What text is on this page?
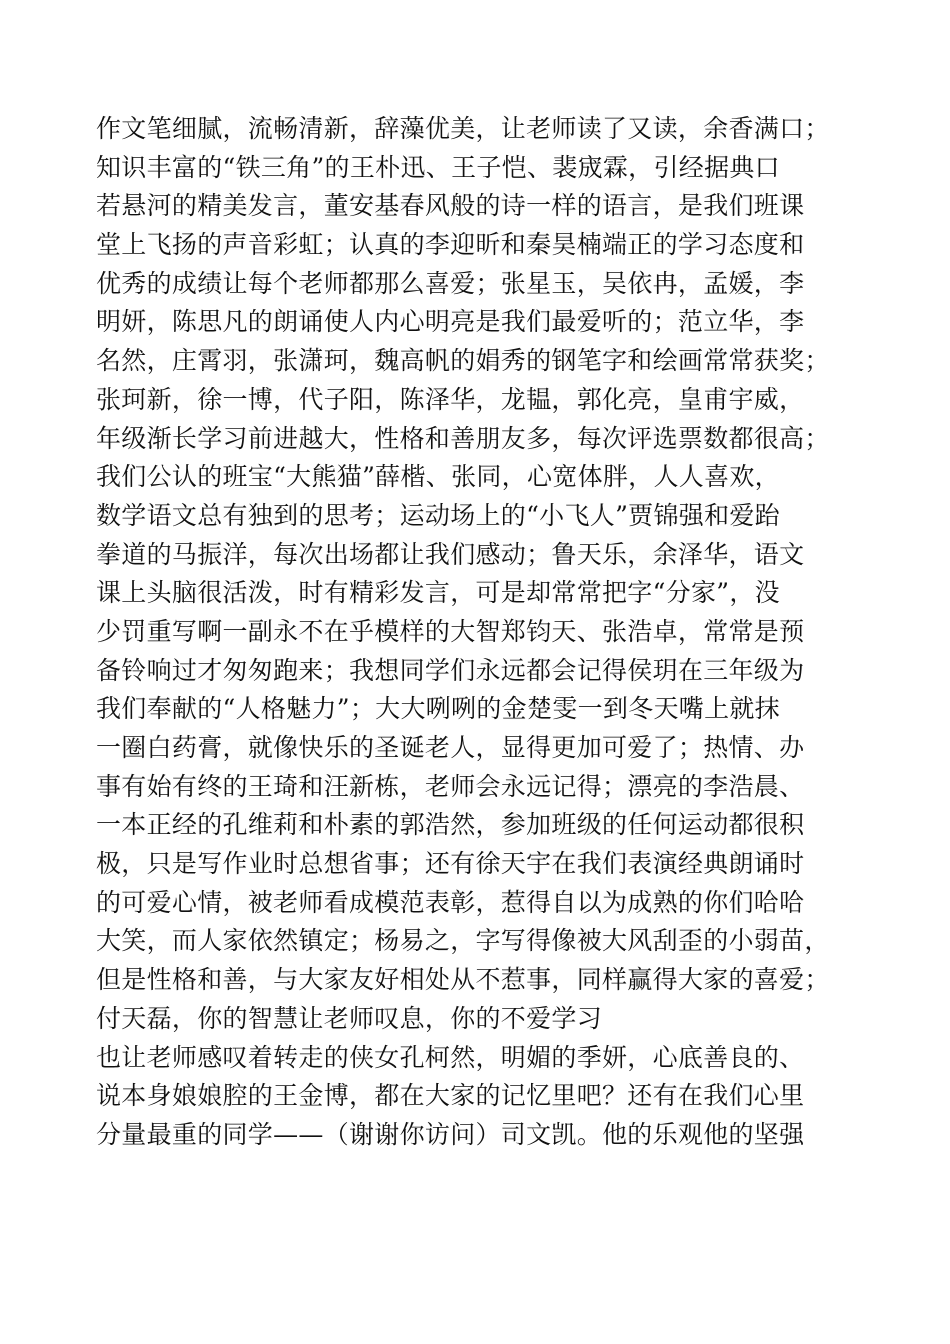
作文笔细腻，流畅清新，辞藻优美，让老师读了又读，余香满口；
知识丰富的“铁三角”的王朴迅、王子恺、裴宬霖，引经据典口
若悬河的精美发言，董安基春风般的诗一样的语言，是我们班课
堂上飞扬的声音彩虹；认真的李迎昕和秦昊楠端正的学习态度和
优秀的成绩让每个老师都那么喜爱；张星玉，吴依冉，孟媛，李
明妍，陈思凡的朗诵使人内心明亮是我们最爱听的；范立华，李
名然，庄霄羽，张潇珂，魏高帆的娟秀的钢笔字和绘画常常获奖；
张珂新，徐一博，代子阳，陈泽华，龙韫，郭化亮，皇甫宇威，
年级渐长学习前进越大，性格和善朋友多，每次评选票数都很高；
我们公认的班宝“大熊猫”薛楷、张同，心宽体胖，人人喜欢，
数学语文总有独到的思考；运动场上的“小飞人”贾锦强和爱跆
拳道的马振洋，每次出场都让我们感动；鲁天乐，余泽华，语文
课上头脑很活泼，时有精彩发言，可是却常常把字“分家”，没
少罚重写啊一副永不在乎模样的大智郑钧天、张浩卓，常常是预
备铃响过才匆匆跑来；我想同学们永远都会记得侯玥在三年级为
我们奉献的“人格魅力”；大大咧咧的金楚雯一到冬天嘴上就抹
一圈白药膏，就像快乐的圣诞老人，显得更加可爱了；热情、办
事有始有终的王琦和汪新栋，老师会永远记得；漂亮的李浩晨、
一本正经的孔维莉和朴素的郭浩然，参加班级的任何运动都很积
极，只是写作业时总想省事；还有徐天宇在我们表演经典朗诵时
的可爱心情，被老师看成模范表彰，惹得自以为成熟的你们哈哈
大笑，而人家依然镇定；杨易之，字写得像被大风刮歪的小弱苗，
但是性格和善，与大家友好相处从不惹事，同样赢得大家的喜爱；
付天磊，你的智慧让老师叹息，你的不爱学习
也让老师感叹着转走的侠女孔柯然，明媚的季妍，心底善良的、
说本身娘娘腔的王金博，都在大家的记忆里吧？还有在我们心里
分量最重的同学——（谢谢你访问）司文凯。他的乐观他的坚强
